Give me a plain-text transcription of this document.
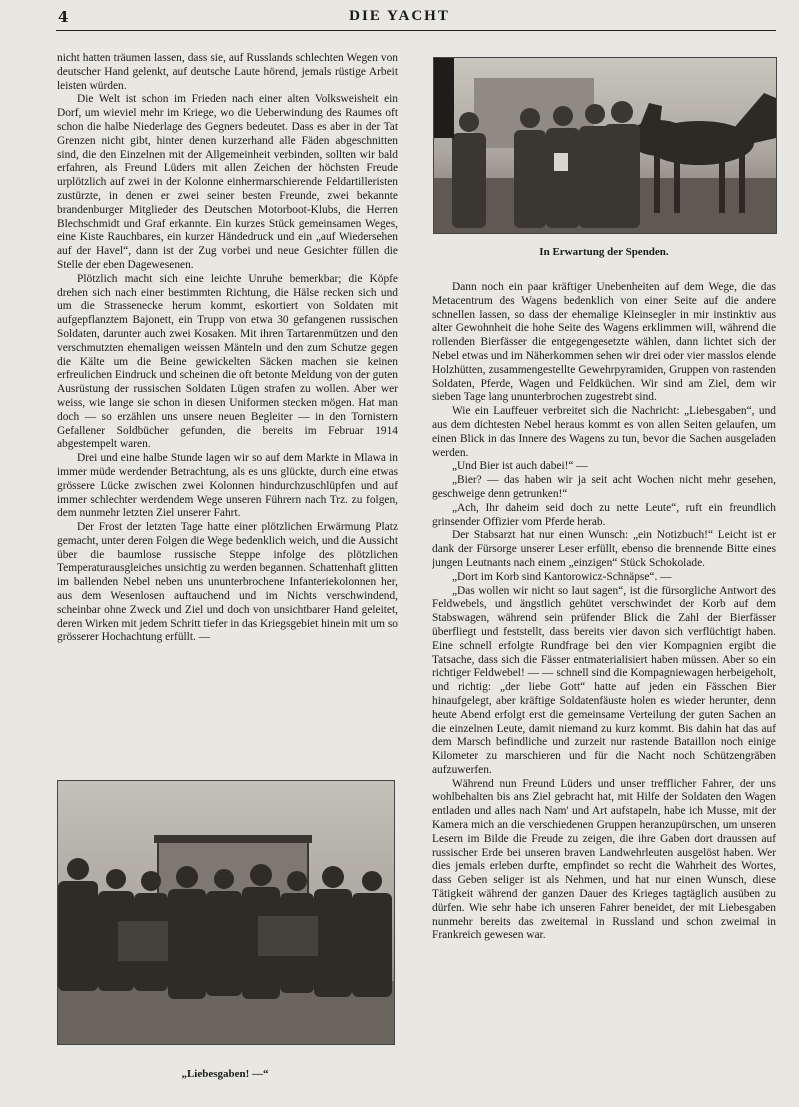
4	DIE YACHT

nicht hatten träumen lassen, dass sie, auf Russlands schlechten Wegen von deutscher Hand gelenkt, auf deutsche Laute hörend, jemals rüstige Arbeit leisten würden.

Die Welt ist schon im Frieden nach einer alten Volksweisheit ein Dorf, um wieviel mehr im Kriege, wo die Ueberwindung des Raumes oft schon die halbe Niederlage des Gegners bedeutet. Dass es aber in der Tat Grenzen nicht gibt, hinter denen kurzerhand alle Fäden abgeschnitten sind, die den Einzelnen mit der Allgemeinheit verbinden, sollten wir bald erfahren, als Freund Lüders mit allen Zeichen der höchsten Freude urplötzlich auf zwei in der Kolonne einhermarschierende Feldartilleristen zustürzte, in denen er zwei seiner besten Freunde, zwei bekannte brandenburger Mitglieder des Deutschen Motorboot-Klubs, die Herren Blechschmidt und Graf erkannte. Ein kurzes Stück gemeinsamen Weges, eine Kiste Rauchbares, ein kurzer Händedruck und ein „auf Wiedersehen auf der Havel“, dann ist der Zug vorbei und neue Gesichter füllen die Stelle der eben Dagewesenen.

Plötzlich macht sich eine leichte Unruhe bemerkbar; die Köpfe drehen sich nach einer bestimmten Richtung, die Hälse recken sich und um die Strassenecke herum kommt, eskortiert von Soldaten mit aufgepflanztem Bajonett, ein Trupp von etwa 30 gefangenen russischen Soldaten, darunter auch zwei Kosaken. Mit ihren Tartarenmützen und den verschmutzten ehemaligen weissen Mänteln und den zum Schutze gegen die Kälte um die Beine gewickelten Säcken machen sie keinen erfreulichen Eindruck und scheinen die oft betonte Meldung von der guten Ausrüstung der russischen Soldaten Lügen strafen zu wollen. Aber wer weiss, wie lange sie schon in diesen Uniformen stecken mögen. Hat man doch — so erzählen uns unsere neuen Begleiter — in den Tornistern Gefallener Soldbücher gefunden, die bereits im Februar 1914 abgestempelt waren.

Drei und eine halbe Stunde lagen wir so auf dem Markte in Mlawa in immer müde werdender Betrachtung, als es uns glückte, durch eine etwas grössere Lücke zwischen zwei Kolonnen hindurchzuschlüpfen und auf immer schlechter werdendem Wege unseren Führern nach Trz. zu folgen, dem nunmehr letzten Ziel unserer Fahrt.

Der Frost der letzten Tage hatte einer plötzlichen Erwärmung Platz gemacht, unter deren Folgen die Wege bedenklich weich, und die Aussicht über die baumlose russische Steppe infolge des plötzlichen Temperaturausgleiches unsichtig zu werden begannen. Schattenhaft glitten im ballenden Nebel neben uns ununterbrochene Infanteriekolonnen her, aus dem Wesenlosen auftauchend und im Nichts verschwindend, scheinbar ohne Zweck und Ziel und doch von unsichtbarer Hand geleitet, deren Wirken mit jedem Schritt tiefer in das Kriegsgebiet hinein mit um so grösserer Hochachtung erfüllt. —

In Erwartung der Spenden.

Dann noch ein paar kräftiger Unebenheiten auf dem Wege, die das Metacentrum des Wagens bedenklich von einer Seite auf die andere schnellen lassen, so dass der ehemalige Kleinsegler in mir instinktiv aus alter Gewohnheit die hohe Seite des Wagens erklimmen will, während die rollenden Bierfässer die entgegengesetzte wählen, dann lichtet sich der Nebel etwas und im Näherkommen sehen wir drei oder vier masslos elende Holzhütten, zusammengestellte Gewehrpyramiden, Gruppen von rastenden Soldaten, Pferde, Wagen und Feldküchen. Wir sind am Ziel, dem wir sieben Tage lang ununterbrochen zugestrebt sind.

Wie ein Lauffeuer verbreitet sich die Nachricht: „Liebesgaben“, und aus dem dichtesten Nebel heraus kommt es von allen Seiten gelaufen, um einen Blick in das Innere des Wagens zu tun, bevor die Sachen ausgeladen werden.

„Und Bier ist auch dabei!“ —

„Bier? — das haben wir ja seit acht Wochen nicht mehr gesehen, geschweige denn getrunken!“

„Ach, Ihr daheim seid doch zu nette Leute“, ruft ein freundlich grinsender Offizier vom Pferde herab.

Der Stabsarzt hat nur einen Wunsch: „ein Notizbuch!“ Leicht ist er dank der Fürsorge unserer Leser erfüllt, ebenso die brennende Bitte eines jungen Leutnants nach einem „einzigen“ Stück Schokolade.

„Dort im Korb sind Kantorowicz-Schnäpse“. —

„Das wollen wir nicht so laut sagen“, ist die fürsorgliche Antwort des Feldwebels, und ängstlich gehütet verschwindet der Korb auf dem Stabswagen, während sein prüfender Blick die Zahl der Bierfässer überfliegt und feststellt, dass bereits vier davon sich verflüchtigt haben. Eine schnell erfolgte Rundfrage bei den vier Kompagnien ergibt die Tatsache, dass sich die Fässer entmaterialisiert haben müssen. Aber so ein richtiger Feldwebel! — — schnell sind die Kompagniewagen herbeigeholt, und richtig: „der liebe Gott“ hatte auf jeden ein Fässchen Bier hinaufgelegt, aber kräftige Soldatenfäuste holen es wieder herunter, denn heute Abend erfolgt erst die gemeinsame Verteilung der guten Sachen an die einzelnen Leute, damit niemand zu kurz kommt. Bis dahin hat das auf dem Marsch befindliche und zurzeit nur rastende Bataillon noch einige Kilometer zu marschieren und für die Nacht noch Schützengräben aufzuwerfen.

Während nun Freund Lüders und unser trefflicher Fahrer, der uns wohlbehalten bis ans Ziel gebracht hat, mit Hilfe der Soldaten den Wagen entladen und alles nach Nam' und Art aufstapeln, habe ich Musse, mit der Kamera mich an die verschiedenen Gruppen heranzupürschen, um unseren Lesern im Bilde die Freude zu zeigen, die ihre Gaben dort draussen auf russischer Erde bei unseren braven Landwehrleuten ausgelöst haben. Wer dies jemals erleben durfte, empfindet so recht die Wahrheit des Wortes, dass Geben seliger ist als Nehmen, und hat nur einen Wunsch, diese Tätigkeit während der ganzen Dauer des Krieges tagtäglich ausüben zu dürfen. Wie sehr habe ich unseren Fahrer beneidet, der mit Liebesgaben nunmehr bereits das zweitemal in Russland und schon zweimal in Frankreich gewesen war.

„Liebesgaben! —“
